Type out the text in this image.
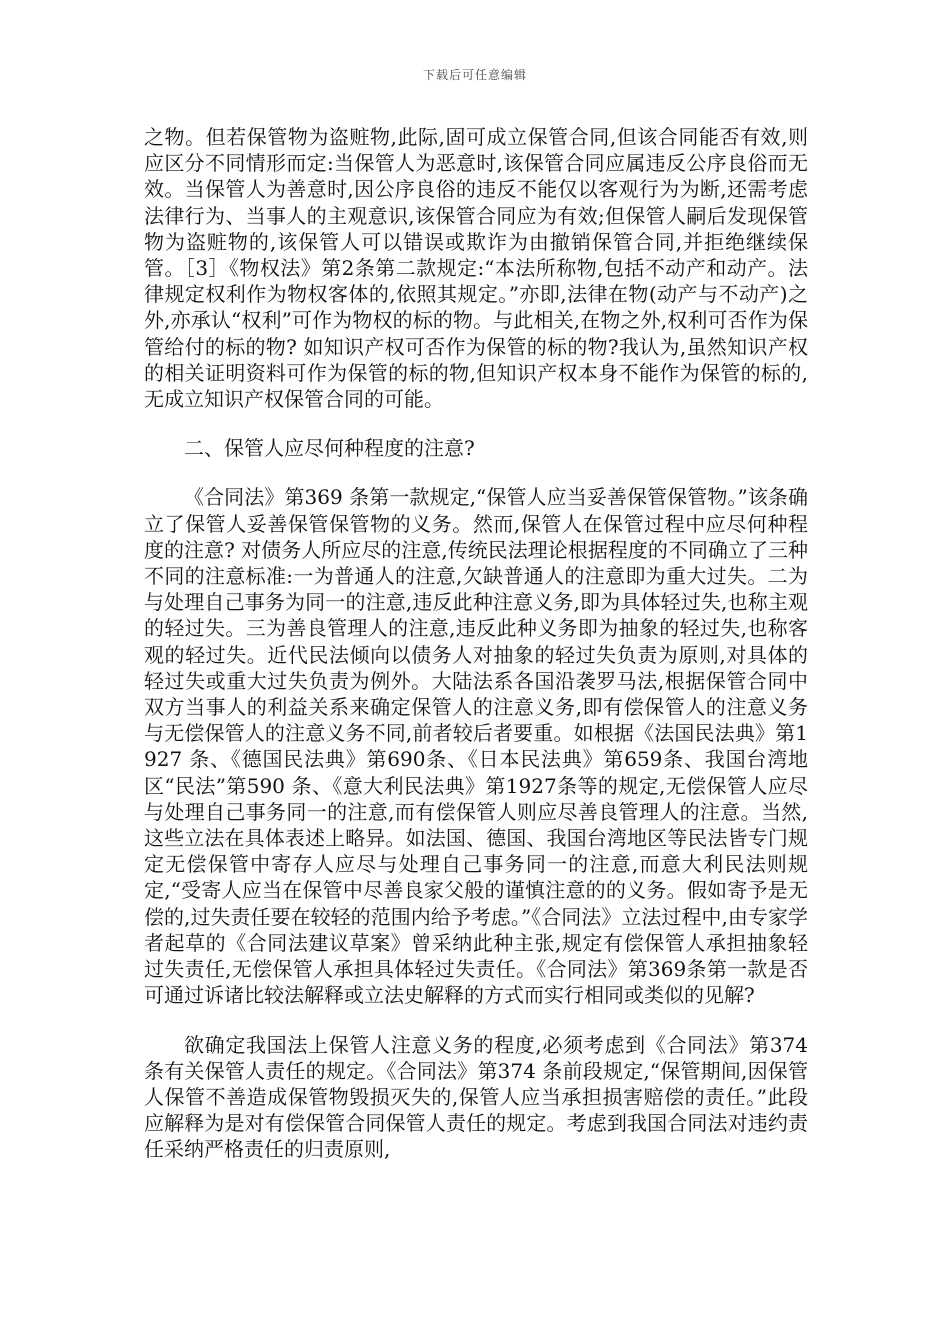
下载后可任意编辑

之物。但若保管物为盗赃物,此际,固可成立保管合同,但该合同能否有效,则应区分不同情形而定:当保管人为恶意时,该保管合同应属违反公序良俗而无效。当保管人为善意时,因公序良俗的违反不能仅以客观行为为断,还需考虑法律行为、当事人的主观意识,该保管合同应为有效;但保管人嗣后发现保管物为盗赃物的,该保管人可以错误或欺诈为由撤销保管合同,并拒绝继续保管。［3］《物权法》第2条第二款规定:“本法所称物,包括不动产和动产。法律规定权利作为物权客体的,依照其规定。”亦即,法律在物(动产与不动产)之外,亦承认“权利”可作为物权的标的物。与此相关,在物之外,权利可否作为保管给付的标的物? 如知识产权可否作为保管的标的物?我认为,虽然知识产权的相关证明资料可作为保管的标的物,但知识产权本身不能作为保管的标的,无成立知识产权保管合同的可能。

二、保管人应尽何种程度的注意?

《合同法》第369 条第一款规定,“保管人应当妥善保管保管物。”该条确立了保管人妥善保管保管物的义务。然而,保管人在保管过程中应尽何种程度的注意? 对债务人所应尽的注意,传统民法理论根据程度的不同确立了三种不同的注意标准:一为普通人的注意,欠缺普通人的注意即为重大过失。二为与处理自己事务为同一的注意,违反此种注意义务,即为具体轻过失,也称主观的轻过失。三为善良管理人的注意,违反此种义务即为抽象的轻过失,也称客观的轻过失。近代民法倾向以债务人对抽象的轻过失负责为原则,对具体的轻过失或重大过失负责为例外。大陆法系各国沿袭罗马法,根据保管合同中双方当事人的利益关系来确定保管人的注意义务,即有偿保管人的注意义务与无偿保管人的注意义务不同,前者较后者要重。如根据《法国民法典》第1927 条、《德国民法典》第690条、《日本民法典》第659条、我国台湾地区“民法”第590 条、《意大利民法典》第1927条等的规定,无偿保管人应尽与处理自己事务同一的注意,而有偿保管人则应尽善良管理人的注意。当然,这些立法在具体表述上略异。如法国、德国、我国台湾地区等民法皆专门规定无偿保管中寄存人应尽与处理自己事务同一的注意,而意大利民法则规定,“受寄人应当在保管中尽善良家父般的谨慎注意的的义务。假如寄予是无偿的,过失责任要在较轻的范围内给予考虑。”《合同法》立法过程中,由专家学者起草的《合同法建议草案》曾采纳此种主张,规定有偿保管人承担抽象轻过失责任,无偿保管人承担具体轻过失责任。《合同法》第369条第一款是否可通过诉诸比较法解释或立法史解释的方式而实行相同或类似的见解?

欲确定我国法上保管人注意义务的程度,必须考虑到《合同法》第374条有关保管人责任的规定。《合同法》第374 条前段规定,“保管期间,因保管人保管不善造成保管物毁损灭失的,保管人应当承担损害赔偿的责任。”此段应解释为是对有偿保管合同保管人责任的规定。考虑到我国合同法对违约责任采纳严格责任的归责原则,
